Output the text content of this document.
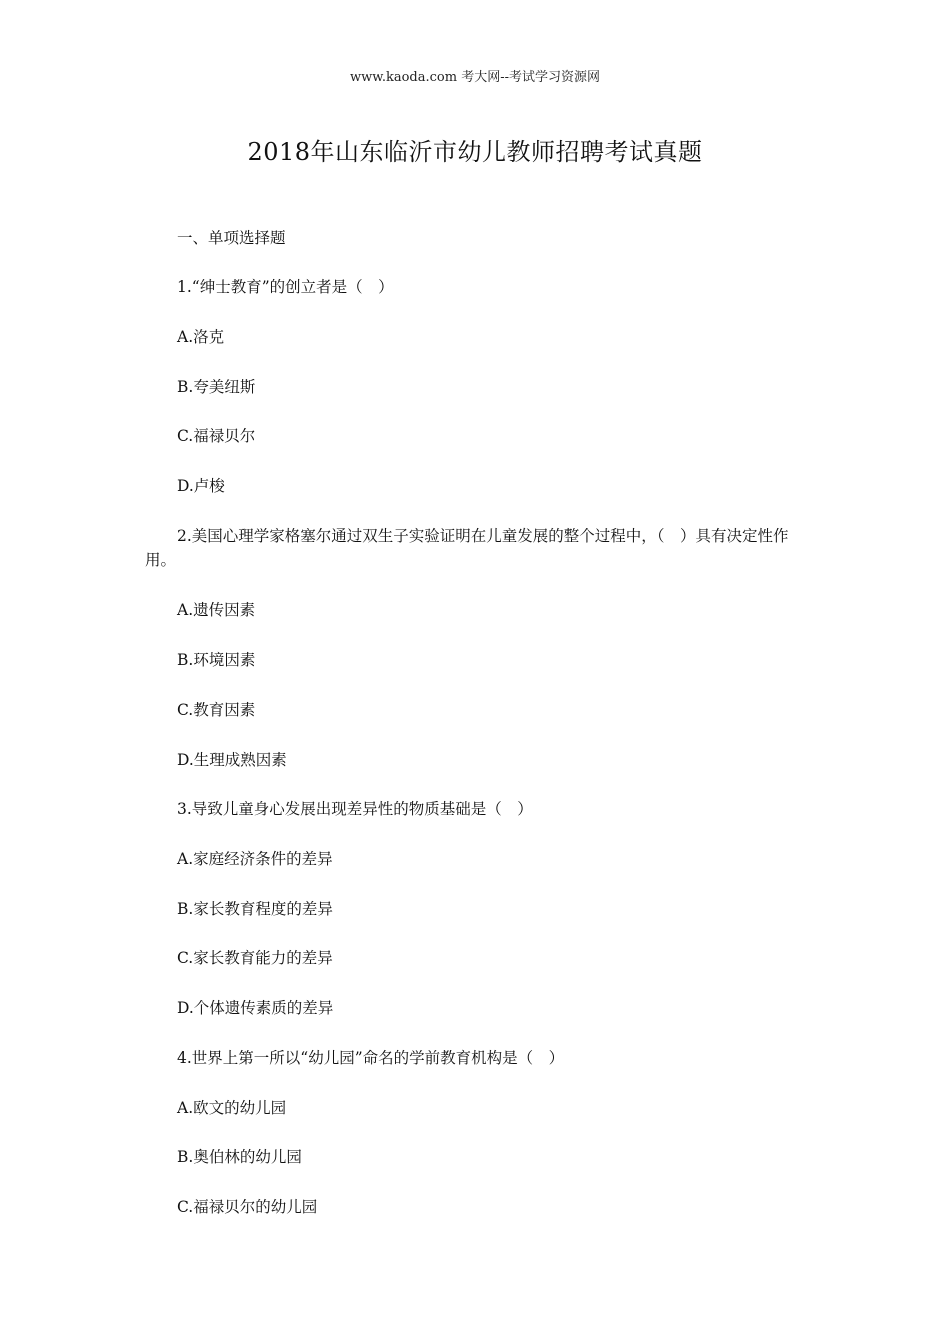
www.kaoda.com 考大网--考试学习资源网
2018年山东临沂市幼儿教师招聘考试真题
一、单项选择题
1.“绅士教育”的创立者是（　）
A.洛克
B.夸美纽斯
C.福禄贝尔
D.卢梭
2.美国心理学家格塞尔通过双生子实验证明在儿童发展的整个过程中，（　）具有决定性作用。
A.遗传因素
B.环境因素
C.教育因素
D.生理成熟因素
3.导致儿童身心发展出现差异性的物质基础是（　）
A.家庭经济条件的差异
B.家长教育程度的差异
C.家长教育能力的差异
D.个体遗传素质的差异
4.世界上第一所以“幼儿园”命名的学前教育机构是（　）
A.欧文的幼儿园
B.奥伯林的幼儿园
C.福禄贝尔的幼儿园
